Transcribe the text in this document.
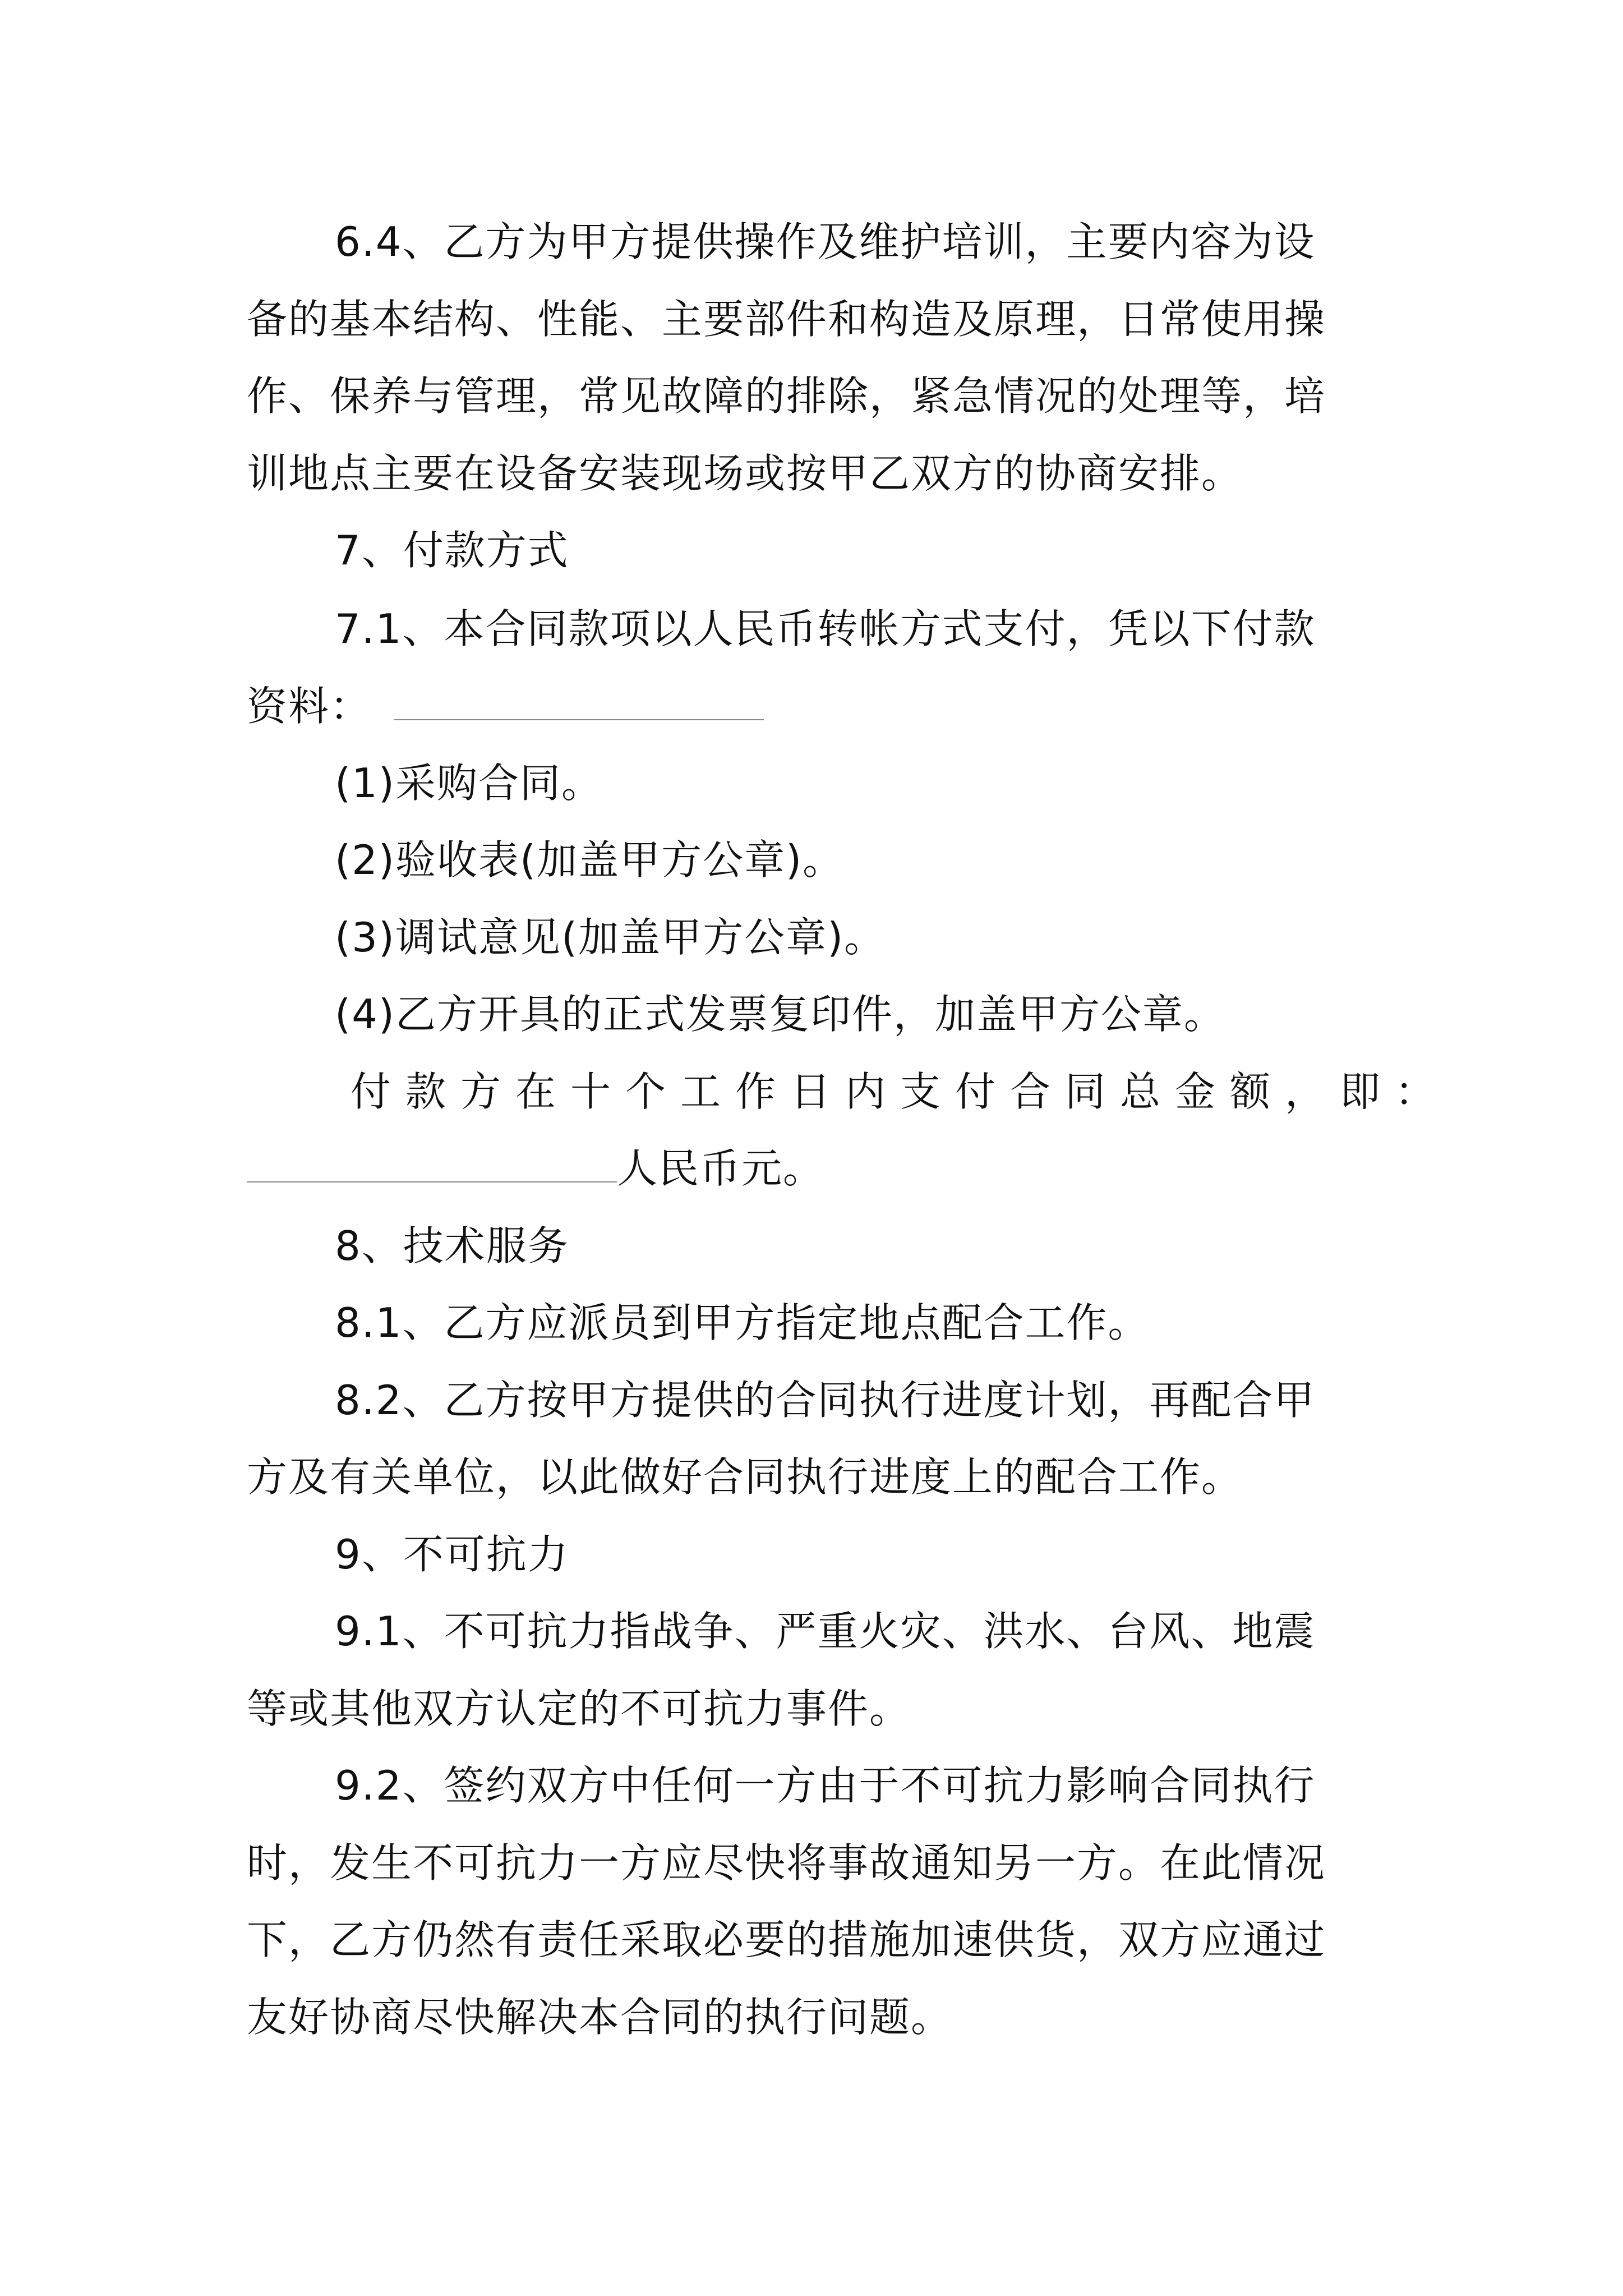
6.4、乙方为甲方提供操作及维护培训，主要内容为设
备的基本结构、性能、主要部件和构造及原理，日常使用操
作、保养与管理，常见故障的排除，紧急情况的处理等，培
训地点主要在设备安装现场或按甲乙双方的协商安排。
7、付款方式
7.1、本合同款项以人民币转帐方式支付，凭以下付款
资料：
(1)采购合同。
(2)验收表(加盖甲方公章)。
(3)调试意见(加盖甲方公章)。
(4)乙方开具的正式发票复印件，加盖甲方公章。
付款方在十个工作日内支付合同总金额，即：
人民币元。
8、技术服务
8.1、乙方应派员到甲方指定地点配合工作。
8.2、乙方按甲方提供的合同执行进度计划，再配合甲
方及有关单位，以此做好合同执行进度上的配合工作。
9、不可抗力
9.1、不可抗力指战争、严重火灾、洪水、台风、地震
等或其他双方认定的不可抗力事件。
9.2、签约双方中任何一方由于不可抗力影响合同执行
时，发生不可抗力一方应尽快将事故通知另一方。在此情况
下，乙方仍然有责任采取必要的措施加速供货，双方应通过
友好协商尽快解决本合同的执行问题。
